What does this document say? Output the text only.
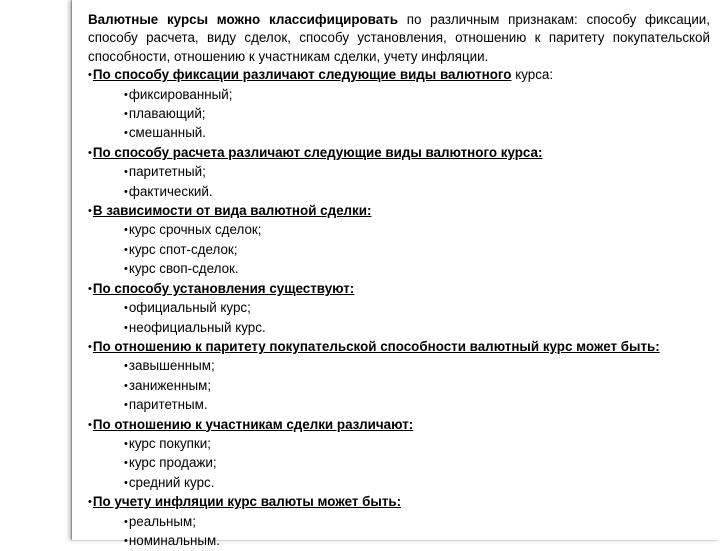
Валютные курсы можно классифицировать по различным признакам: способу фиксации, способу расчета, виду сделок, способу установления, отношению к паритету покупательской способности, отношению к участникам сделки, учету инфляции.
•По способу фиксации различают следующие виды валютного курса:
•фиксированный;
•плавающий;
•смешанный.
•По способу расчета различают следующие виды валютного курса:
•паритетный;
•фактический.
•В зависимости от вида валютной сделки:
•курс срочных сделок;
•курс спот-сделок;
•курс своп-сделок.
•По способу установления существуют:
•официальный курс;
•неофициальный курс.
•По отношению к паритету покупательской способности валютный курс может быть:
•завышенным;
•заниженным;
•паритетным.
•По отношению к участникам сделки различают:
•курс покупки;
•курс продажи;
•средний курс.
•По учету инфляции курс валюты может быть:
•реальным;
•номинальным.
